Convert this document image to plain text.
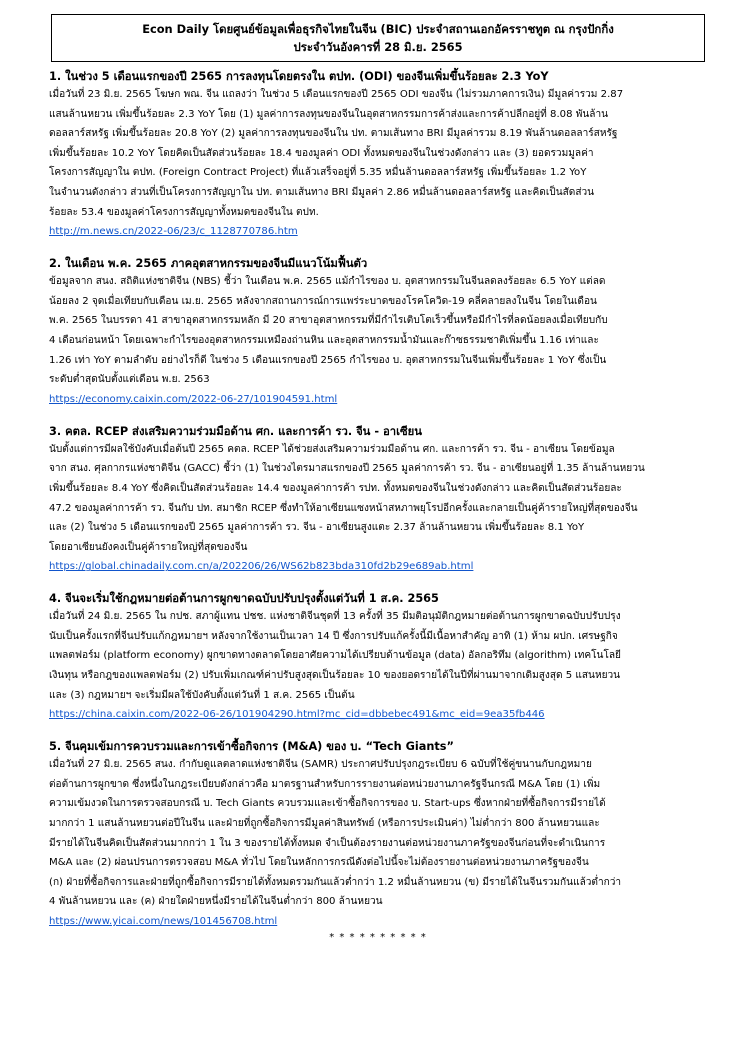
Econ Daily โดยศูนย์ข้อมูลเพื่อธุรกิจไทยในจีน (BIC) ประจำสถานเอกอัครราชทูต ณ กรุงปักกิ่ง
ประจำวันอังคารที่ 28 มิ.ย. 2565
1. ในช่วง 5 เดือนแรกของปี 2565 การลงทุนโดยตรงใน ตปท. (ODI) ของจีนเพิ่มขึ้นร้อยละ 2.3 YoY
เมื่อวันที่ 23 มิ.ย. 2565 โฆษก พณ. จีน แถลงว่า ในช่วง 5 เดือนแรกของปี 2565 ODI ของจีน (ไม่รวมภาคการเงิน) มีมูลค่ารวม 2.87
แสนล้านหยวน เพิ่มขึ้นร้อยละ 2.3 YoY โดย (1) มูลค่าการลงทุนของจีนในอุตสาหกรรมการค้าส่งและการค้าปลีกอยู่ที่ 8.08 พันล้าน
ดอลลาร์สหรัฐ เพิ่มขึ้นร้อยละ 20.8 YoY (2) มูลค่าการลงทุนของจีนใน ปท. ตามเส้นทาง BRI มีมูลค่ารวม 8.19 พันล้านดอลลาร์สหรัฐ
เพิ่มขึ้นร้อยละ 10.2 YoY โดยคิดเป็นสัดส่วนร้อยละ 18.4 ของมูลค่า ODI ทั้งหมดของจีนในช่วงดังกล่าว และ (3) ยอดรวมมูลค่า
โครงการสัญญาใน ตปท. (Foreign Contract Project) ที่แล้วเสร็จอยู่ที่ 5.35 หมื่นล้านดอลลาร์สหรัฐ เพิ่มขึ้นร้อยละ 1.2 YoY
ในจำนวนดังกล่าว ส่วนที่เป็นโครงการสัญญาใน ปท. ตามเส้นทาง BRI มีมูลค่า 2.86 หมื่นล้านดอลลาร์สหรัฐ และคิดเป็นสัดส่วน
ร้อยละ 53.4 ของมูลค่าโครงการสัญญาทั้งหมดของจีนใน ตปท.
http://m.news.cn/2022-06/23/c_1128770786.htm
2. ในเดือน พ.ค. 2565 ภาคอุตสาหกรรมของจีนมีแนวโน้มฟื้นตัว
ข้อมูลจาก สนง. สถิติแห่งชาติจีน (NBS) ชี้ว่า ในเดือน พ.ค. 2565 แม้กำไรของ บ. อุตสาหกรรมในจีนลดลงร้อยละ 6.5 YoY แต่ลด
น้อยลง 2 จุดเมื่อเทียบกับเดือน เม.ย. 2565 หลังจากสถานการณ์การแพร่ระบาดของโรคโควิด-19 คลี่คลายลงในจีน โดยในเดือน
พ.ค. 2565 ในบรรดา 41 สาขาอุตสาหกรรมหลัก มี 20 สาขาอุตสาหกรรมที่มีกำไรเติบโตเร็วขึ้นหรือมีกำไรที่ลดน้อยลงเมื่อเทียบกับ
4 เดือนก่อนหน้า โดยเฉพาะกำไรของอุตสาหกรรมเหมืองถ่านหิน และอุตสาหกรรมน้ำมันและก๊าซธรรมชาติเพิ่มขึ้น 1.16 เท่าและ
1.26 เท่า YoY ตามลำดับ อย่างไรก็ดี ในช่วง 5 เดือนแรกของปี 2565 กำไรของ บ. อุตสาหกรรมในจีนเพิ่มขึ้นร้อยละ 1 YoY ซึ่งเป็น
ระดับต่ำสุดนับตั้งแต่เดือน พ.ย. 2563
https://economy.caixin.com/2022-06-27/101904591.html
3. คตล. RCEP ส่งเสริมความร่วมมือด้าน ศก. และการค้า รว. จีน - อาเซียน
นับตั้งแต่การมีผลใช้บังคับเมื่อต้นปี 2565 คตล. RCEP ได้ช่วยส่งเสริมความร่วมมือด้าน ศก. และการค้า รว. จีน - อาเซียน โดยข้อมูล
จาก สนง. ศุลกากรแห่งชาติจีน (GACC) ชี้ว่า (1) ในช่วงไตรมาสแรกของปี 2565 มูลค่าการค้า รว. จีน - อาเซียนอยู่ที่ 1.35 ล้านล้านหยวน
เพิ่มขึ้นร้อยละ 8.4 YoY ซึ่งคิดเป็นสัดส่วนร้อยละ 14.4 ของมูลค่าการค้า รปท. ทั้งหมดของจีนในช่วงดังกล่าว และคิดเป็นสัดส่วนร้อยละ
47.2 ของมูลค่าการค้า รว. จีนกับ ปท. สมาชิก RCEP ซึ่งทำให้อาเซียนแซงหน้าสหภาพยุโรปอีกครั้งและกลายเป็นคู่ค้ารายใหญ่ที่สุดของจีน
และ (2) ในช่วง 5 เดือนแรกของปี 2565 มูลค่าการค้า รว. จีน - อาเซียนสูงแตะ 2.37 ล้านล้านหยวน เพิ่มขึ้นร้อยละ 8.1 YoY
โดยอาเซียนยังคงเป็นคู่ค้ารายใหญ่ที่สุดของจีน
https://global.chinadaily.com.cn/a/202206/26/WS62b823bda310fd2b29e689ab.html
4. จีนจะเริ่มใช้กฎหมายต่อต้านการผูกขาดฉบับปรับปรุงตั้งแต่วันที่ 1 ส.ค. 2565
เมื่อวันที่ 24 มิ.ย. 2565 ใน กปช. สภาผู้แทน ปชช. แห่งชาติจีนชุดที่ 13 ครั้งที่ 35 มีมติอนุมัติกฎหมายต่อต้านการผูกขาดฉบับปรับปรุง
นับเป็นครั้งแรกที่จีนปรับแก้กฎหมายฯ หลังจากใช้งานเป็นเวลา 14 ปี ซึ่งการปรับแก้ครั้งนี้มีเนื้อหาสำคัญ อาทิ (1) ห้าม ผปก. เศรษฐกิจ
แพลตฟอร์ม (platform economy) ผูกขาดทางตลาดโดยอาศัยความได้เปรียบด้านข้อมูล (data) อัลกอริทึม (algorithm) เทคโนโลยี
เงินทุน หรือกฎของแพลตฟอร์ม (2) ปรับเพิ่มเกณฑ์ค่าปรับสูงสุดเป็นร้อยละ 10 ของยอดรายได้ในปีที่ผ่านมาจากเดิมสูงสุด 5 แสนหยวน
และ (3) กฎหมายฯ จะเริ่มมีผลใช้บังคับตั้งแต่วันที่ 1 ส.ค. 2565 เป็นต้น
https://china.caixin.com/2022-06-26/101904290.html?mc_cid=dbbebec491&mc_eid=9ea35fb446
5. จีนคุมเข้มการควบรวมและการเข้าซื้อกิจการ (M&A) ของ บ. “Tech Giants”
เมื่อวันที่ 27 มิ.ย. 2565 สนง. กำกับดูแลตลาดแห่งชาติจีน (SAMR) ประกาศปรับปรุงกฎระเบียบ 6 ฉบับที่ใช้คู่ขนานกับกฎหมาย
ต่อต้านการผูกขาด ซึ่งหนึ่งในกฎระเบียบดังกล่าวคือ มาตรฐานสำหรับการรายงานต่อหน่วยงานภาครัฐจีนกรณี M&A โดย (1) เพิ่ม
ความเข้มงวดในการตรวจสอบกรณี บ. Tech Giants ควบรวมและเข้าซื้อกิจการของ บ. Start-ups ซึ่งหากฝ่ายที่ซื้อกิจการมีรายได้
มากกว่า 1 แสนล้านหยวนต่อปีในจีน และฝ่ายที่ถูกซื้อกิจการมีมูลค่าสินทรัพย์ (หรือการประเมินค่า) ไม่ต่ำกว่า 800 ล้านหยวนและ
มีรายได้ในจีนคิดเป็นสัดส่วนมากกว่า 1 ใน 3 ของรายได้ทั้งหมด จำเป็นต้องรายงานต่อหน่วยงานภาครัฐของจีนก่อนที่จะดำเนินการ
M&A และ (2) ผ่อนปรนการตรวจสอบ M&A ทั่วไป โดยในหลักการกรณีดังต่อไปนี้จะไม่ต้องรายงานต่อหน่วยงานภาครัฐของจีน
(ก) ฝ่ายที่ซื้อกิจการและฝ่ายที่ถูกซื้อกิจการมีรายได้ทั้งหมดรวมกันแล้วต่ำกว่า 1.2 หมื่นล้านหยวน (ข) มีรายได้ในจีนรวมกันแล้วต่ำกว่า
4 พันล้านหยวน และ (ค) ฝ่ายใดฝ่ายหนึ่งมีรายได้ในจีนต่ำกว่า 800 ล้านหยวน
https://www.yicai.com/news/101456708.html
* * * * * * * * * *
